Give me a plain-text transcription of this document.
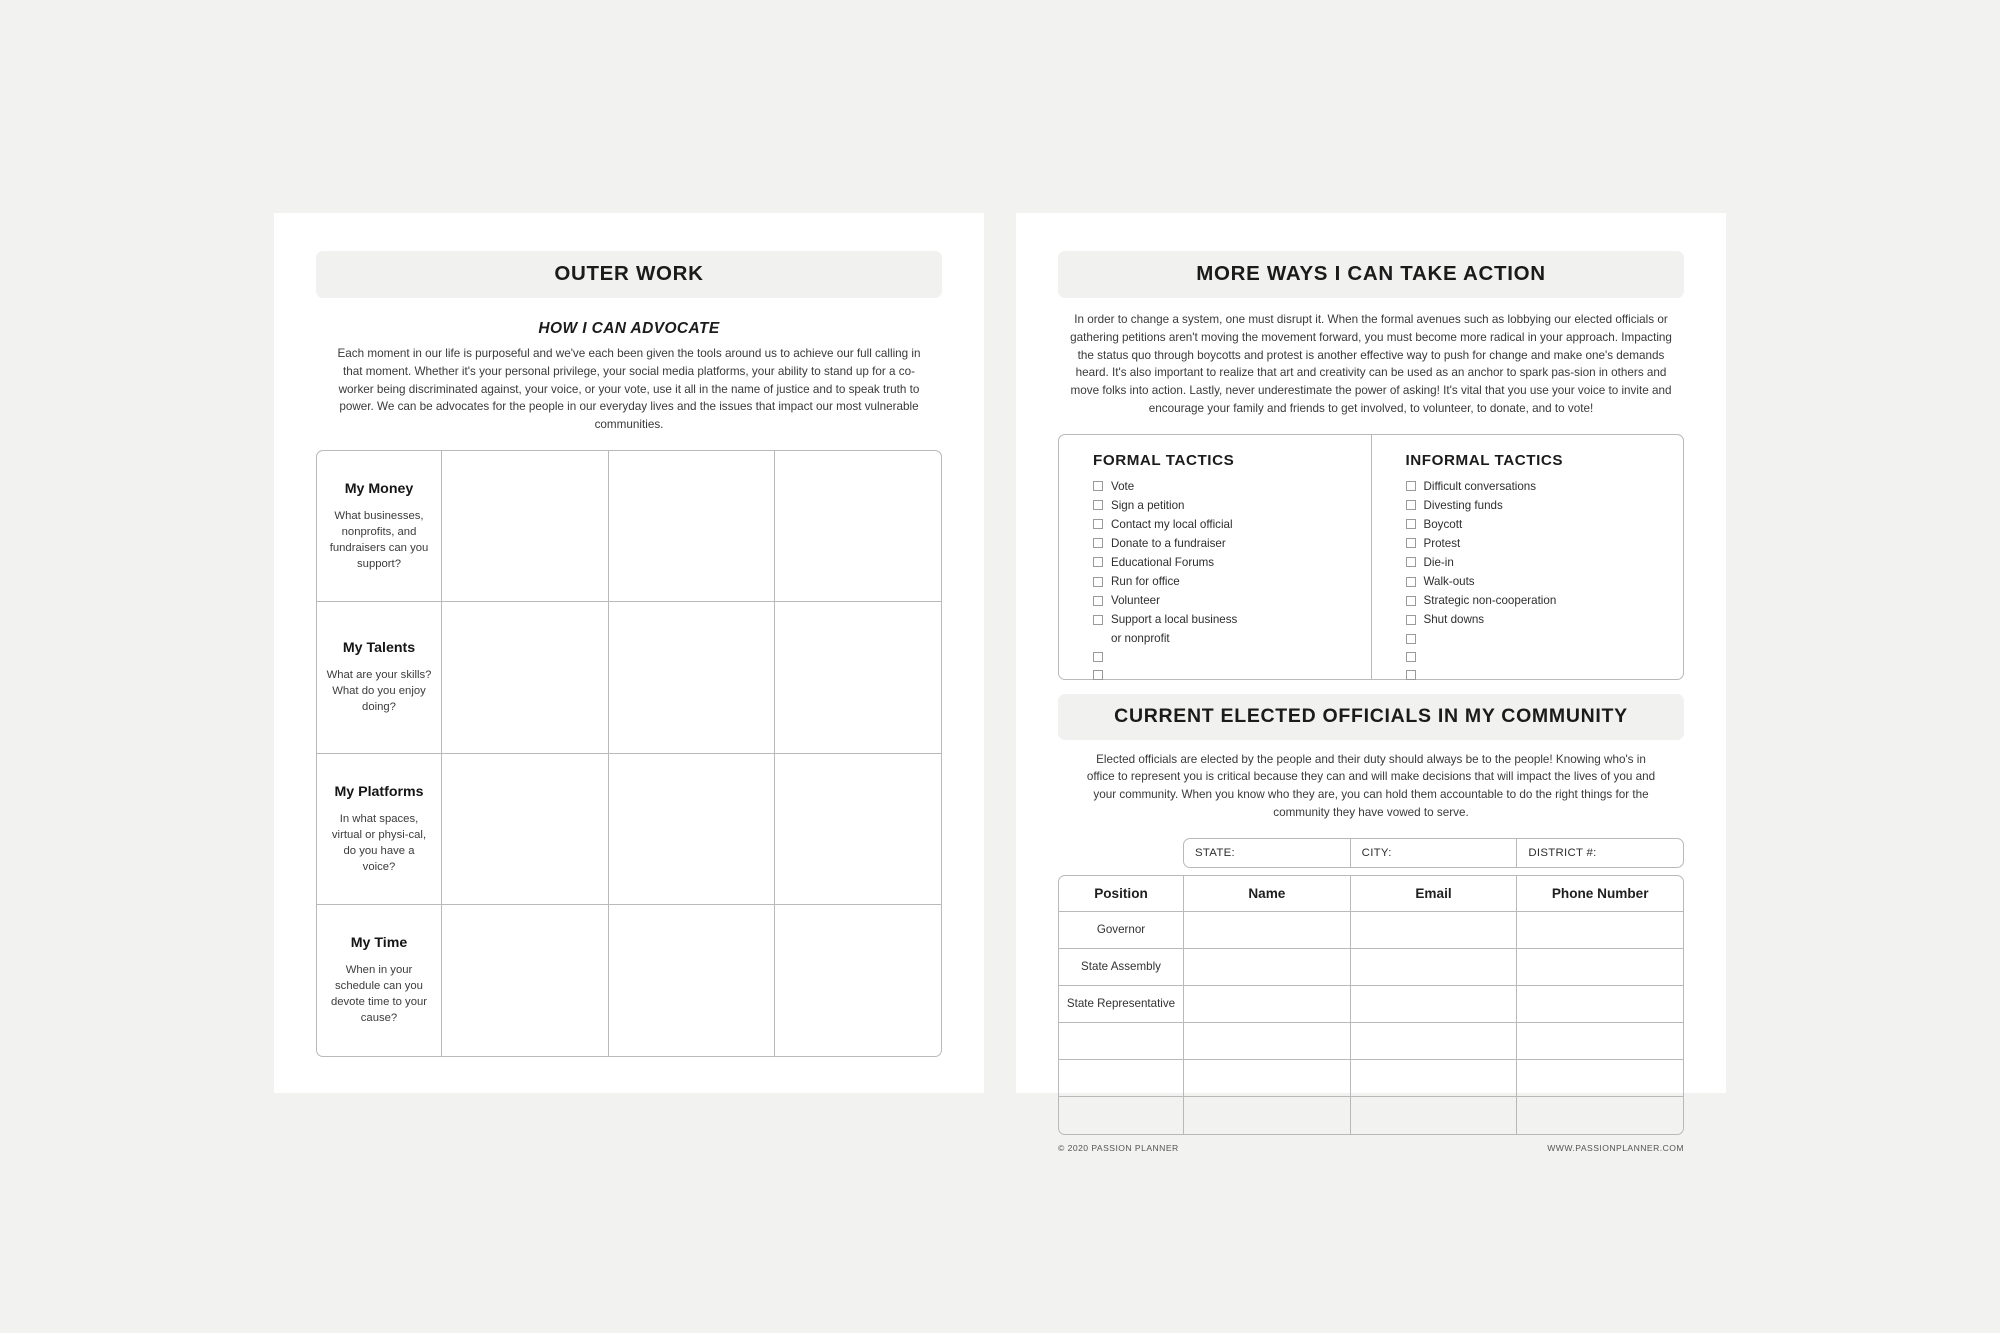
OUTER WORK
HOW I CAN ADVOCATE
Each moment in our life is purposeful and we've each been given the tools around us to achieve our full calling in that moment. Whether it's your personal privilege, your social media platforms, your ability to stand up for a co-worker being discriminated against, your voice, or your vote, use it all in the name of justice and to speak truth to power. We can be advocates for the people in our everyday lives and the issues that impact our most vulnerable communities.
My Money

What businesses, nonprofits, and fundraisers can you support?

My Talents

What are your skills? What do you enjoy doing?

My Platforms

In what spaces, virtual or physi-cal, do you have a voice?

My Time

When in your schedule can you devote time to your cause?

MORE WAYS I CAN TAKE ACTION
In order to change a system, one must disrupt it. When the formal avenues such as lobbying our elected officials or gathering petitions aren't moving the movement forward, you must become more radical in your approach. Impacting the status quo through boycotts and protest is another effective way to push for change and make one's demands heard. It's also important to realize that art and creativity can be used as an anchor to spark pas-sion in others and move folks into action. Lastly, never underestimate the power of asking! It's vital that you use your voice to invite and encourage your family and friends to get involved, to volunteer, to donate, and to vote!
FORMAL TACTICS
Vote
Sign a petition
Contact my local official
Donate to a fundraiser
Educational Forums
Run for office
Volunteer
Support a local business
or nonprofit
INFORMAL TACTICS
Difficult conversations
Divesting funds
Boycott
Protest
Die-in
Walk-outs
Strategic non-cooperation
Shut downs
CURRENT ELECTED OFFICIALS IN MY COMMUNITY
Elected officials are elected by the people and their duty should always be to the people! Knowing who's in office to represent you is critical because they can and will make decisions that will impact the lives of you and your community. When you know who they are, you can hold them accountable to do the right things for the community they have vowed to serve.
STATE:	CITY:	DISTRICT #:
Position	Name	Email	Phone Number
Governor
State Assembly
State Representative
© 2020 PASSION PLANNER	WWW.PASSIONPLANNER.COM
